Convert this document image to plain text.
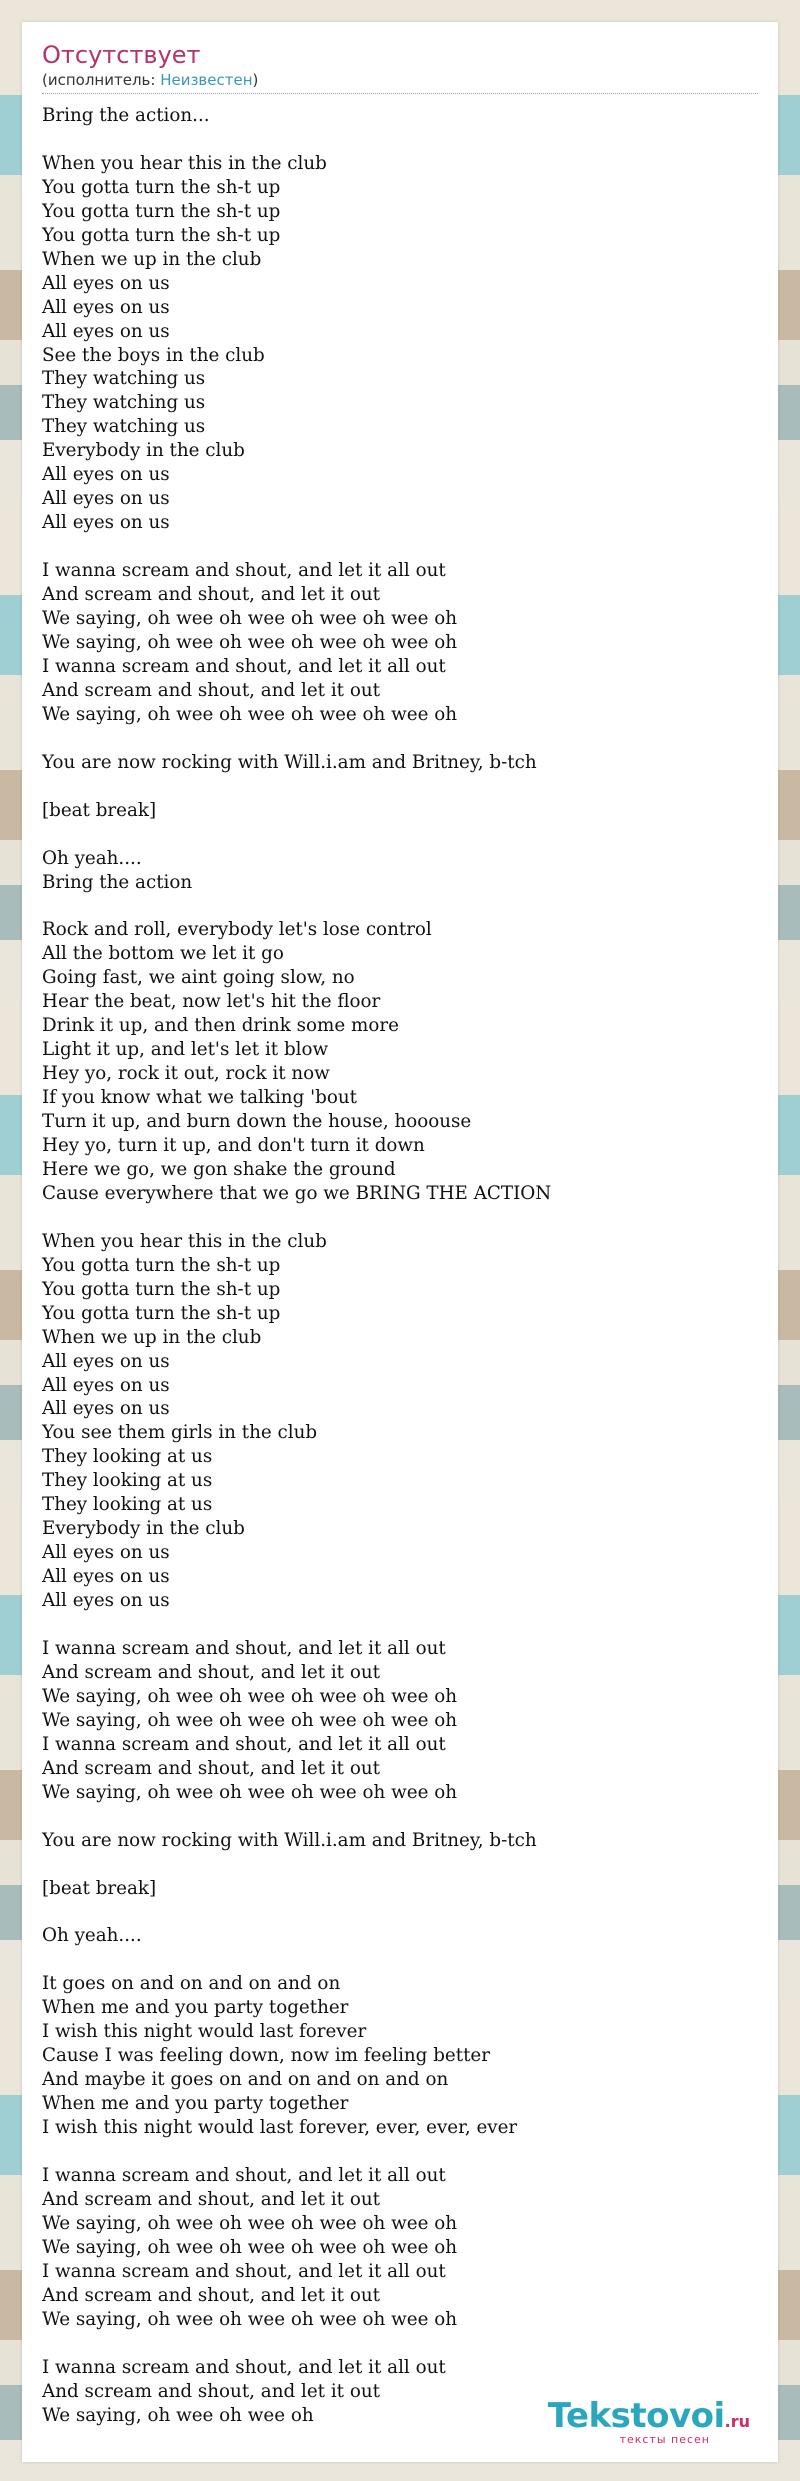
Отсутствует
(исполнитель: Неизвестен)
Bring the action...

When you hear this in the club
You gotta turn the sh-t up
You gotta turn the sh-t up
You gotta turn the sh-t up
When we up in the club
All eyes on us
All eyes on us
All eyes on us
See the boys in the club
They watching us
They watching us
They watching us
Everybody in the club
All eyes on us
All eyes on us
All eyes on us

I wanna scream and shout, and let it all out
And scream and shout, and let it out
We saying, oh wee oh wee oh wee oh wee oh
We saying, oh wee oh wee oh wee oh wee oh
I wanna scream and shout, and let it all out
And scream and shout, and let it out
We saying, oh wee oh wee oh wee oh wee oh

You are now rocking with Will.i.am and Britney, b-tch

[beat break]

Oh yeah....
Bring the action

Rock and roll, everybody let's lose control
All the bottom we let it go
Going fast, we aint going slow, no
Hear the beat, now let's hit the floor
Drink it up, and then drink some more
Light it up, and let's let it blow
Hey yo, rock it out, rock it now
If you know what we talking 'bout
Turn it up, and burn down the house, hooouse
Hey yo, turn it up, and don't turn it down
Here we go, we gon shake the ground
Cause everywhere that we go we BRING THE ACTION

When you hear this in the club
You gotta turn the sh-t up
You gotta turn the sh-t up
You gotta turn the sh-t up
When we up in the club
All eyes on us
All eyes on us
All eyes on us
You see them girls in the club
They looking at us
They looking at us
They looking at us
Everybody in the club
All eyes on us
All eyes on us
All eyes on us

I wanna scream and shout, and let it all out
And scream and shout, and let it out
We saying, oh wee oh wee oh wee oh wee oh
We saying, oh wee oh wee oh wee oh wee oh
I wanna scream and shout, and let it all out
And scream and shout, and let it out
We saying, oh wee oh wee oh wee oh wee oh

You are now rocking with Will.i.am and Britney, b-tch

[beat break]

Oh yeah....

It goes on and on and on and on
When me and you party together
I wish this night would last forever
Cause I was feeling down, now im feeling better
And maybe it goes on and on and on and on
When me and you party together
I wish this night would last forever, ever, ever, ever

I wanna scream and shout, and let it all out
And scream and shout, and let it out
We saying, oh wee oh wee oh wee oh wee oh
We saying, oh wee oh wee oh wee oh wee oh
I wanna scream and shout, and let it all out
And scream and shout, and let it out
We saying, oh wee oh wee oh wee oh wee oh

I wanna scream and shout, and let it all out
And scream and shout, and let it out
We saying, oh wee oh wee oh	Tekstovoi.ru
тексты песен
